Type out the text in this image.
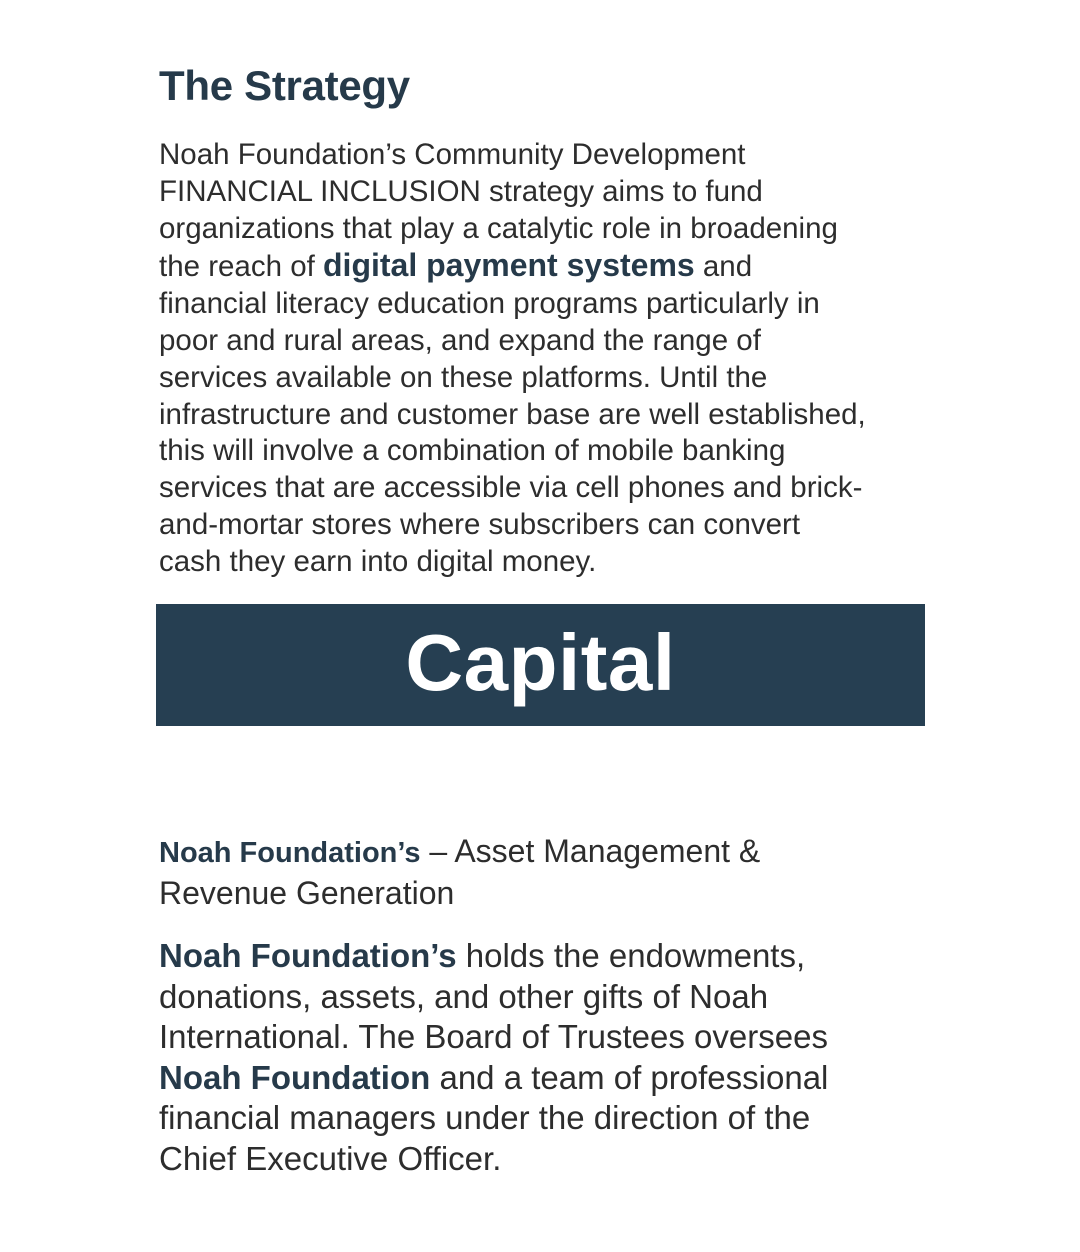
The Strategy

Noah Foundation’s Community Development

FINANCIAL INCLUSION strategy aims to fund

organizations that play a catalytic role in broadening

the reach of digital payment systems and

financial literacy education programs particularly in

poor and rural areas, and expand the range of

services available on these platforms. Until the

infrastructure and customer base are well established,

this will involve a combination of mobile banking

services that are accessible via cell phones and brick-

and-mortar stores where subscribers can convert

cash they earn into digital money.

Capital

Noah Foundation’s – Asset Management &
Revenue Generation

Noah Foundation’s holds the endowments,
donations, assets, and other gifts of Noah
International. The Board of Trustees oversees
Noah Foundation and a team of professional
financial managers under the direction of the
Chief Executive Officer.
